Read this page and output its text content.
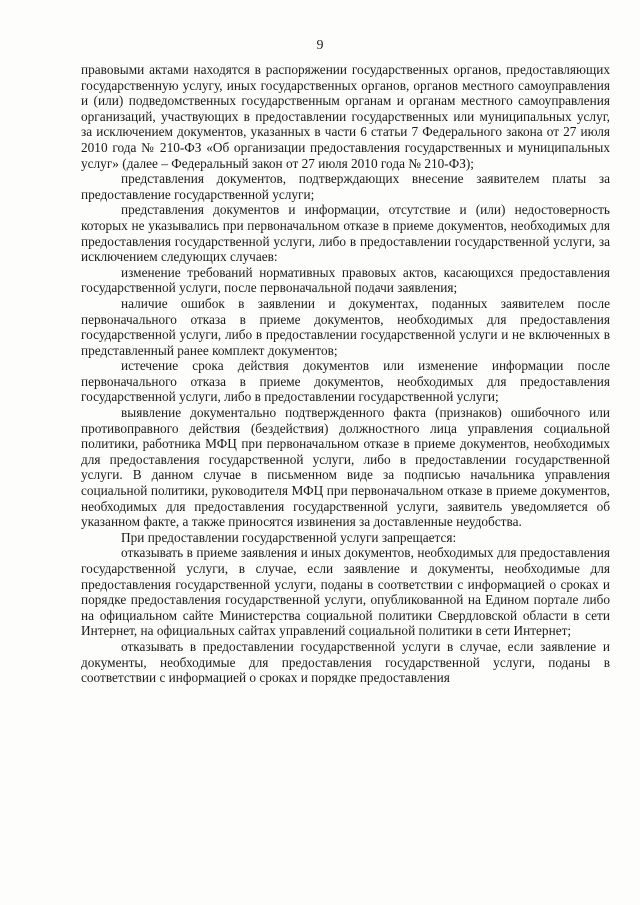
9

правовыми актами находятся в распоряжении государственных органов, предоставляющих государственную услугу, иных государственных органов, органов местного самоуправления и (или) подведомственных государственным органам и органам местного самоуправления организаций, участвующих в предоставлении государственных или муниципальных услуг, за исключением документов, указанных в части 6 статьи 7 Федерального закона от 27 июля 2010 года № 210-ФЗ «Об организации предоставления государственных и муниципальных услуг» (далее – Федеральный закон от 27 июля 2010 года № 210-ФЗ);

представления документов, подтверждающих внесение заявителем платы за предоставление государственной услуги;

представления документов и информации, отсутствие и (или) недостоверность которых не указывались при первоначальном отказе в приеме документов, необходимых для предоставления государственной услуги, либо в предоставлении государственной услуги, за исключением следующих случаев:

изменение требований нормативных правовых актов, касающихся предоставления государственной услуги, после первоначальной подачи заявления;

наличие ошибок в заявлении и документах, поданных заявителем после первоначального отказа в приеме документов, необходимых для предоставления государственной услуги, либо в предоставлении государственной услуги и не включенных в представленный ранее комплект документов;

истечение срока действия документов или изменение информации после первоначального отказа в приеме документов, необходимых для предоставления государственной услуги, либо в предоставлении государственной услуги;

выявление документально подтвержденного факта (признаков) ошибочного или противоправного действия (бездействия) должностного лица управления социальной политики, работника МФЦ при первоначальном отказе в приеме документов, необходимых для предоставления государственной услуги, либо в предоставлении государственной услуги. В данном случае в письменном виде за подписью начальника управления социальной политики, руководителя МФЦ при первоначальном отказе в приеме документов, необходимых для предоставления государственной услуги, заявитель уведомляется об указанном факте, а также приносятся извинения за доставленные неудобства.

При предоставлении государственной услуги запрещается:

отказывать в приеме заявления и иных документов, необходимых для предоставления государственной услуги, в случае, если заявление и документы, необходимые для предоставления государственной услуги, поданы в соответствии с информацией о сроках и порядке предоставления государственной услуги, опубликованной на Едином портале либо на официальном сайте Министерства социальной политики Свердловской области в сети Интернет, на официальных сайтах управлений социальной политики в сети Интернет;

отказывать в предоставлении государственной услуги в случае, если заявление и документы, необходимые для предоставления государственной услуги, поданы в соответствии с информацией о сроках и порядке предоставления
